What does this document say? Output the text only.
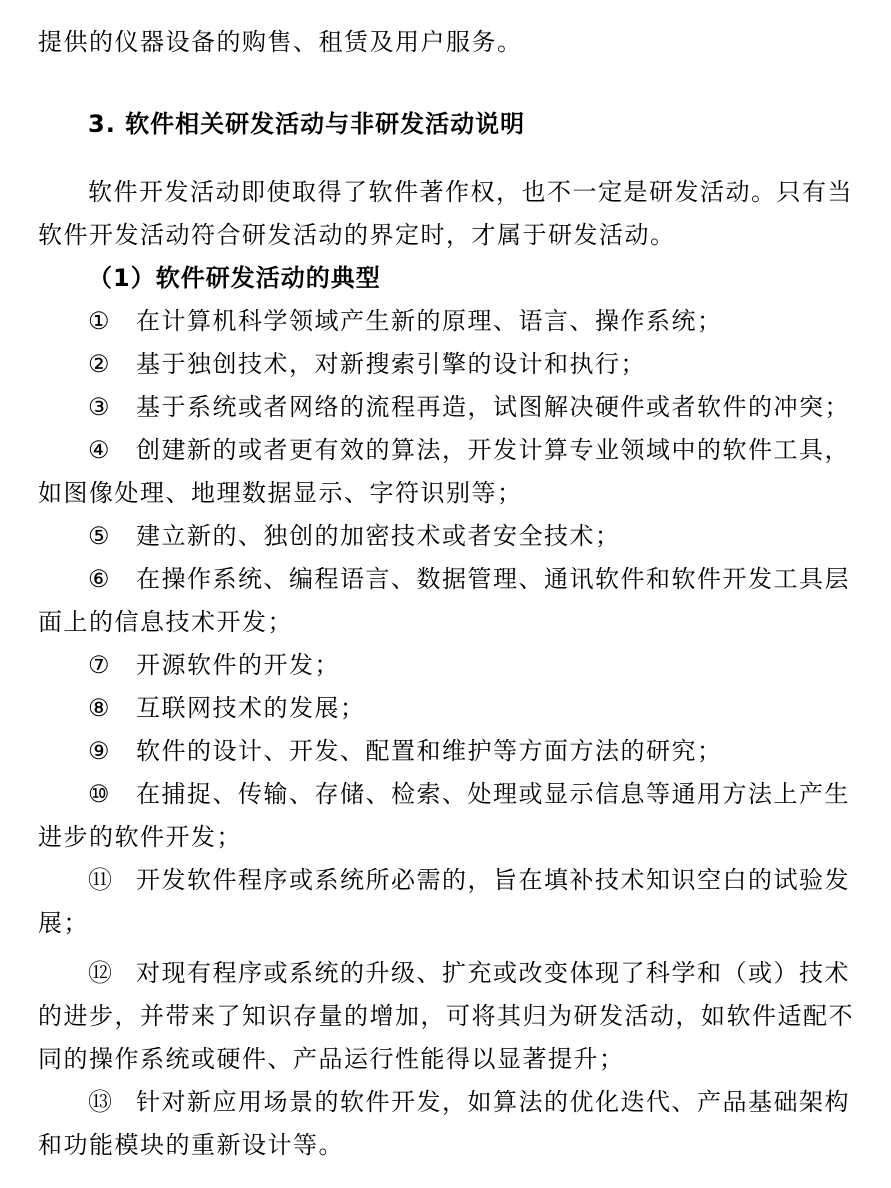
提供的仪器设备的购售、租赁及用户服务。
3. 软件相关研发活动与非研发活动说明
软件开发活动即使取得了软件著作权，也不一定是研发活动。只有当
软件开发活动符合研发活动的界定时，才属于研发活动。
（1）软件研发活动的典型
① 在计算机科学领域产生新的原理、语言、操作系统；
② 基于独创技术，对新搜索引擎的设计和执行；
③ 基于系统或者网络的流程再造，试图解决硬件或者软件的冲突；
④ 创建新的或者更有效的算法，开发计算专业领域中的软件工具，
如图像处理、地理数据显示、字符识别等；
⑤ 建立新的、独创的加密技术或者安全技术；
⑥ 在操作系统、编程语言、数据管理、通讯软件和软件开发工具层
面上的信息技术开发；
⑦ 开源软件的开发；
⑧ 互联网技术的发展；
⑨ 软件的设计、开发、配置和维护等方面方法的研究；
⑩ 在捕捉、传输、存储、检索、处理或显示信息等通用方法上产生
进步的软件开发；
⑪ 开发软件程序或系统所必需的，旨在填补技术知识空白的试验发
展；
⑫ 对现有程序或系统的升级、扩充或改变体现了科学和（或）技术
的进步，并带来了知识存量的增加，可将其归为研发活动，如软件适配不
同的操作系统或硬件、产品运行性能得以显著提升；
⑬ 针对新应用场景的软件开发，如算法的优化迭代、产品基础架构
和功能模块的重新设计等。
